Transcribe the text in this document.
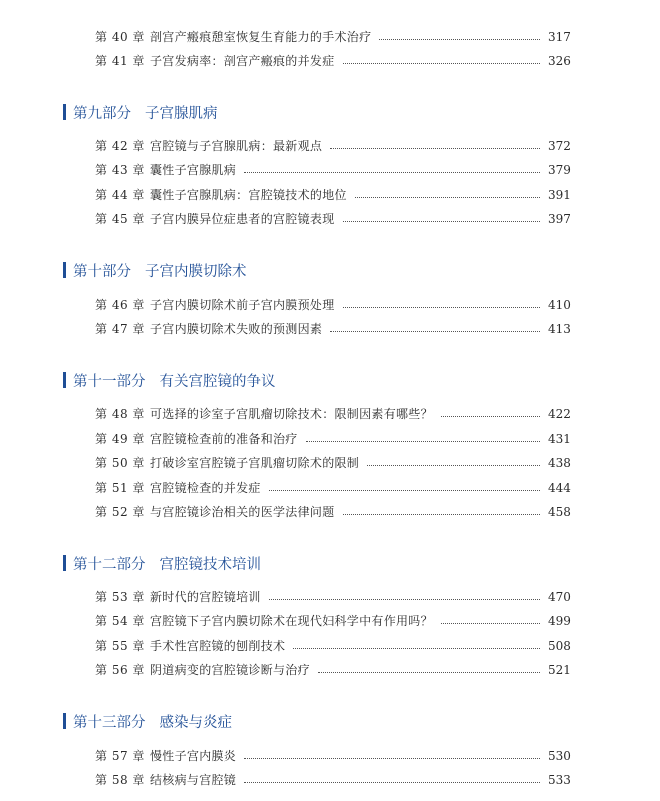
第 40 章 剖宫产瘢痕憩室恢复生育能力的手术治疗	317
第 41 章 子宫发病率：剖宫产瘢痕的并发症	326
第九部分 子宫腺肌病
第 42 章 宫腔镜与子宫腺肌病：最新观点	372
第 43 章 囊性子宫腺肌病	379
第 44 章 囊性子宫腺肌病：宫腔镜技术的地位	391
第 45 章 子宫内膜异位症患者的宫腔镜表现	397
第十部分 子宫内膜切除术
第 46 章 子宫内膜切除术前子宫内膜预处理	410
第 47 章 子宫内膜切除术失败的预测因素	413
第十一部分 有关宫腔镜的争议
第 48 章 可选择的诊室子宫肌瘤切除技术：限制因素有哪些？	422
第 49 章 宫腔镜检查前的准备和治疗	431
第 50 章 打破诊室宫腔镜子宫肌瘤切除术的限制	438
第 51 章 宫腔镜检查的并发症	444
第 52 章 与宫腔镜诊治相关的医学法律问题	458
第十二部分 宫腔镜技术培训
第 53 章 新时代的宫腔镜培训	470
第 54 章 宫腔镜下子宫内膜切除术在现代妇科学中有作用吗？	499
第 55 章 手术性宫腔镜的刨削技术	508
第 56 章 阴道病变的宫腔镜诊断与治疗	521
第十三部分 感染与炎症
第 57 章 慢性子宫内膜炎	530
第 58 章 结核病与宫腔镜	533
